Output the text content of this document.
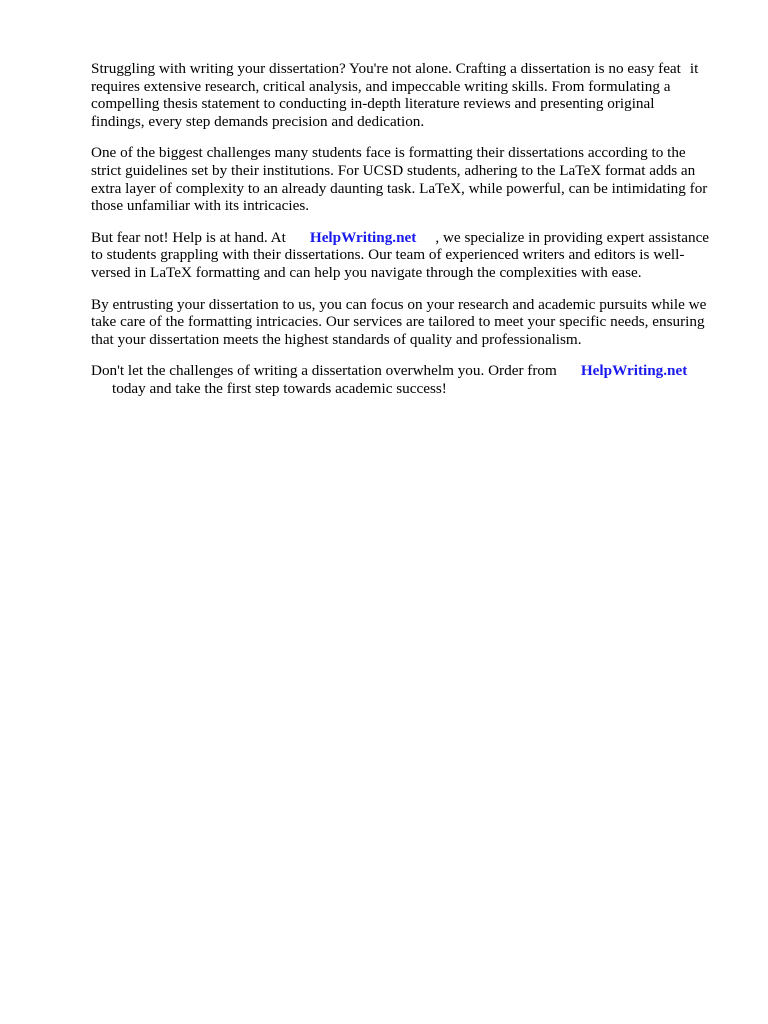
Struggling with writing your dissertation? You're not alone. Crafting a dissertation is no easy feat it
requires extensive research, critical analysis, and impeccable writing skills. From formulating a
compelling thesis statement to conducting in-depth literature reviews and presenting original
findings, every step demands precision and dedication.

One of the biggest challenges many students face is formatting their dissertations according to the
strict guidelines set by their institutions. For UCSD students, adhering to the LaTeX format adds an
extra layer of complexity to an already daunting task. LaTeX, while powerful, can be intimidating for
those unfamiliar with its intricacies.

But fear not! Help is at hand. At HelpWriting.net , we specialize in providing expert assistance
to students grappling with their dissertations. Our team of experienced writers and editors is well-
versed in LaTeX formatting and can help you navigate through the complexities with ease.

By entrusting your dissertation to us, you can focus on your research and academic pursuits while we
take care of the formatting intricacies. Our services are tailored to meet your specific needs, ensuring
that your dissertation meets the highest standards of quality and professionalism.

Don't let the challenges of writing a dissertation overwhelm you. Order from HelpWriting.net
today and take the first step towards academic success!
